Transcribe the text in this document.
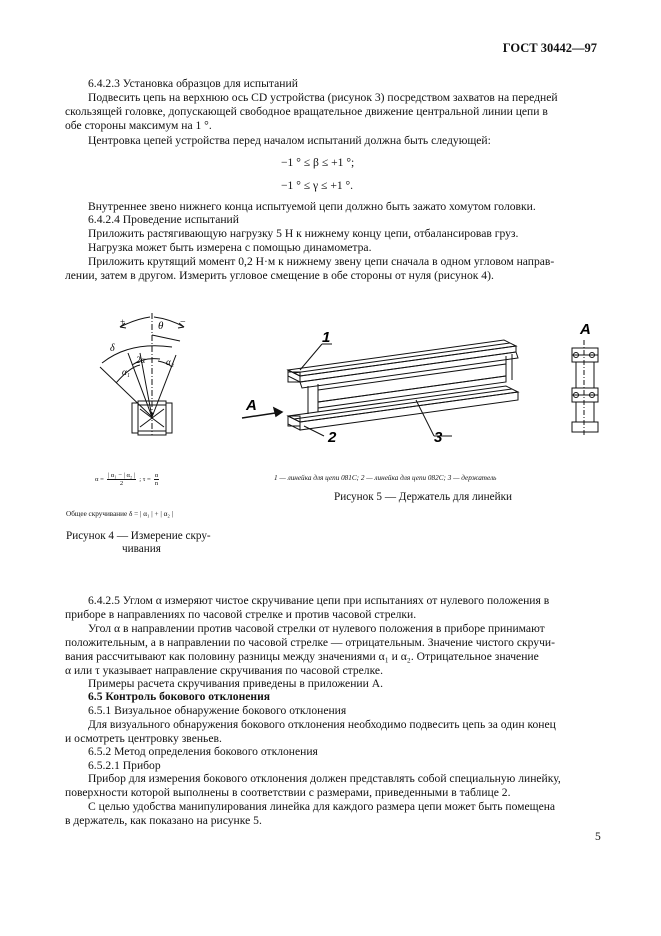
ГОСТ 30442—97
6.4.2.3 Установка образцов для испытаний
Подвесить цепь на верхнюю ось CD устройства (рисунок 3) посредством захватов на передней
скользящей головке, допускающей свободное вращательное движение центральной линии цепи в
обе стороны максимум на 1 °.
Центровка цепей устройства перед началом испытаний должна быть следующей:
−1 ° ≤ β ≤ +1 °;
−1 ° ≤ γ ≤ +1 °.
Внутреннее звено нижнего конца испытуемой цепи должно быть зажато хомутом головки.
6.4.2.4 Проведение испытаний
Приложить растягивающую нагрузку 5 Н к нижнему концу цепи, отбалансировав груз.
Нагрузка может быть измерена с помощью динамометра.
Приложить крутящий момент 0,2 Н·м к нижнему звену цепи сначала в одном угловом направ-
лении, затем в другом. Измерить угловое смещение в обе стороны от нуля (рисунок 4).
+	−
θ
δ
2α
α₁
α₂
$\alpha = \frac{\text{| α₁ − | α₂ |}}{2}$ ; $\tau = \frac{\alpha}{n}$
Общее скручивание δ = | α₁ | + | α₂ |
Рисунок 4 — Измерение скру-
чивания
1
2	3
A
A
1 — линейка для цепи 081С; 2 — линейка для цепи 082С; 3 — держатель
Рисунок 5 — Держатель для линейки
6.4.2.5 Углом α измеряют чистое скручивание цепи при испытаниях от нулевого положения в
приборе в направлениях по часовой стрелке и против часовой стрелки.
Угол α в направлении против часовой стрелки от нулевого положения в приборе принимают
положительным, а в направлении по часовой стрелке — отрицательным. Значение чистого скручи-
вания рассчитывают как половину разницы между значениями α₁ и α₂. Отрицательное значение
α или τ указывает направление скручивания по часовой стрелке.
Примеры расчета скручивания приведены в приложении А.
6.5 Контроль бокового отклонения
6.5.1 Визуальное обнаружение бокового отклонения
Для визуального обнаружения бокового отклонения необходимо подвесить цепь за один конец
и осмотреть центровку звеньев.
6.5.2 Метод определения бокового отклонения
6.5.2.1 Прибор
Прибор для измерения бокового отклонения должен представлять собой специальную линейку,
поверхности которой выполнены в соответствии с размерами, приведенными в таблице 2.
С целью удобства манипулирования линейка для каждого размера цепи может быть помещена
в держатель, как показано на рисунке 5.
5
